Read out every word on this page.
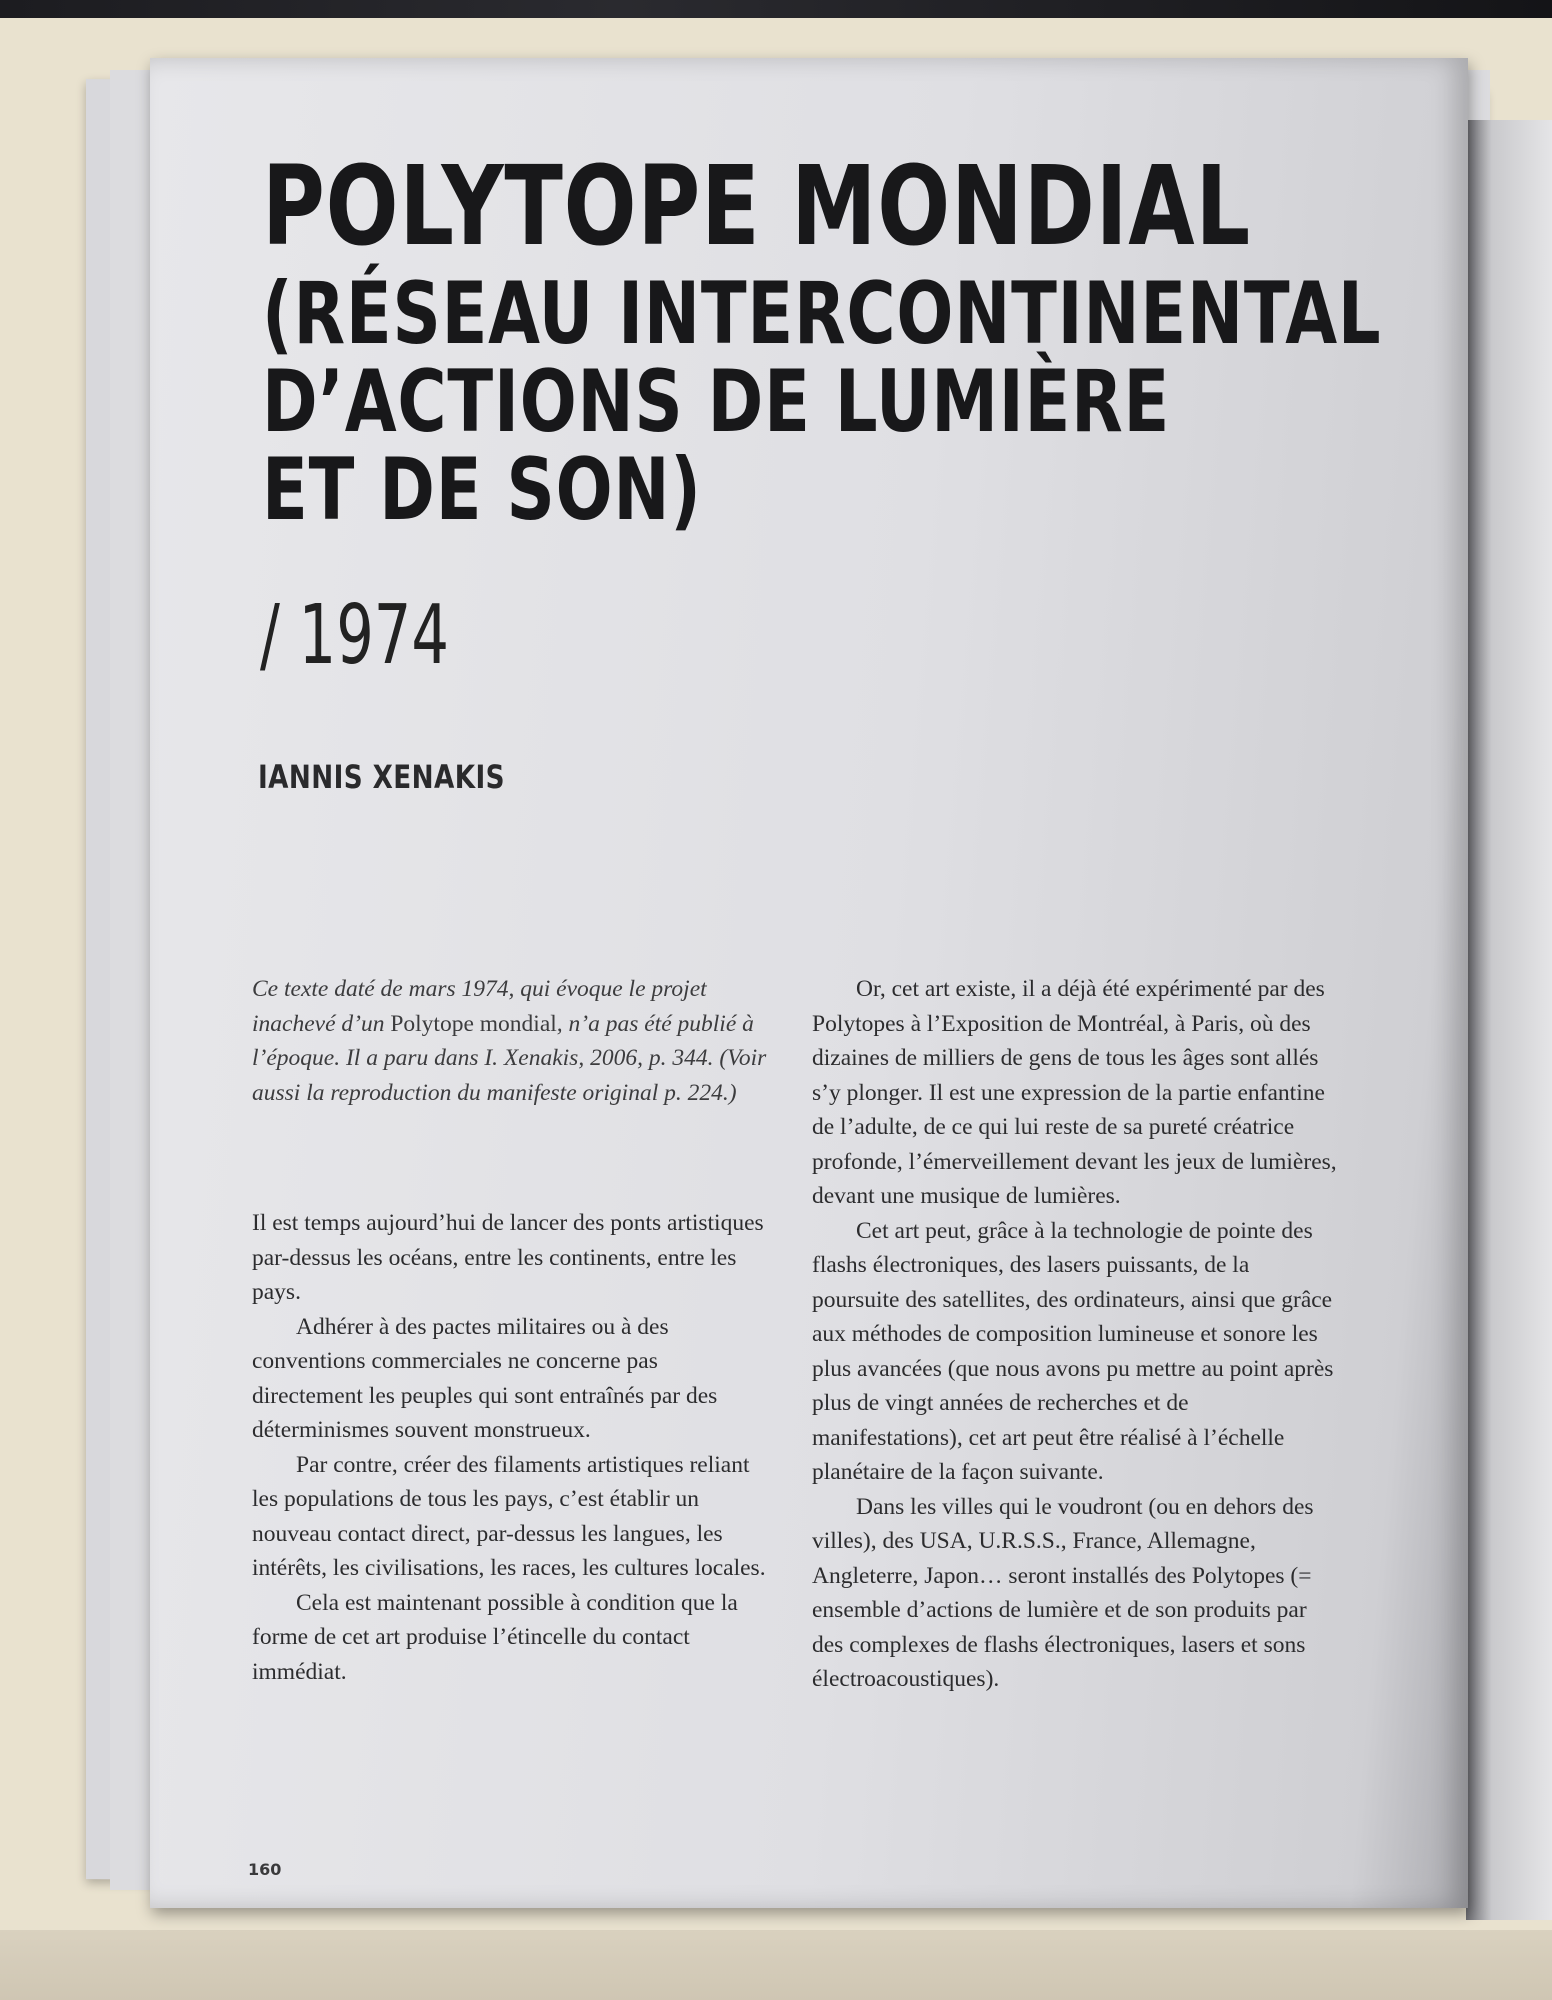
POLYTOPE MONDIAL
(RÉSEAU INTERCONTINENTAL
D’ACTIONS DE LUMIÈRE
ET DE SON)
/ 1974
IANNIS XENAKIS

Ce texte daté de mars 1974, qui évoque le projet inachevé d’un Polytope mondial, n’a pas été publié à l’époque. Il a paru dans I. Xenakis, 2006, p. 344. (Voir aussi la reproduction du manifeste original p. 224.)

Il est temps aujourd’hui de lancer des ponts artistiques par-dessus les océans, entre les continents, entre les pays.

Adhérer à des pactes militaires ou à des conventions commerciales ne concerne pas directement les peuples qui sont entraînés par des déterminismes souvent monstrueux.

Par contre, créer des filaments artistiques reliant les populations de tous les pays, c’est établir un nouveau contact direct, par-dessus les langues, les intérêts, les civilisations, les races, les cultures locales.

Cela est maintenant possible à condition que la forme de cet art produise l’étincelle du contact immédiat.

Or, cet art existe, il a déjà été expérimenté par des Polytopes à l’Exposition de Montréal, à Paris, où des dizaines de milliers de gens de tous les âges sont allés s’y plonger. Il est une expression de la partie enfantine de l’adulte, de ce qui lui reste de sa pureté créatrice profonde, l’émerveillement devant les jeux de lumières, devant une musique de lumières.

Cet art peut, grâce à la technologie de pointe des flashs électroniques, des lasers puissants, de la poursuite des satellites, des ordinateurs, ainsi que grâce aux méthodes de composition lumineuse et sonore les plus avancées (que nous avons pu mettre au point après plus de vingt années de recherches et de manifestations), cet art peut être réalisé à l’échelle planétaire de la façon suivante.

Dans les villes qui le voudront (ou en dehors des villes), des USA, U.R.S.S., France, Allemagne, Angleterre, Japon… seront installés des Polytopes (= ensemble d’actions de lumière et de son produits par des complexes de flashs électroniques, lasers et sons électroacoustiques).

160
